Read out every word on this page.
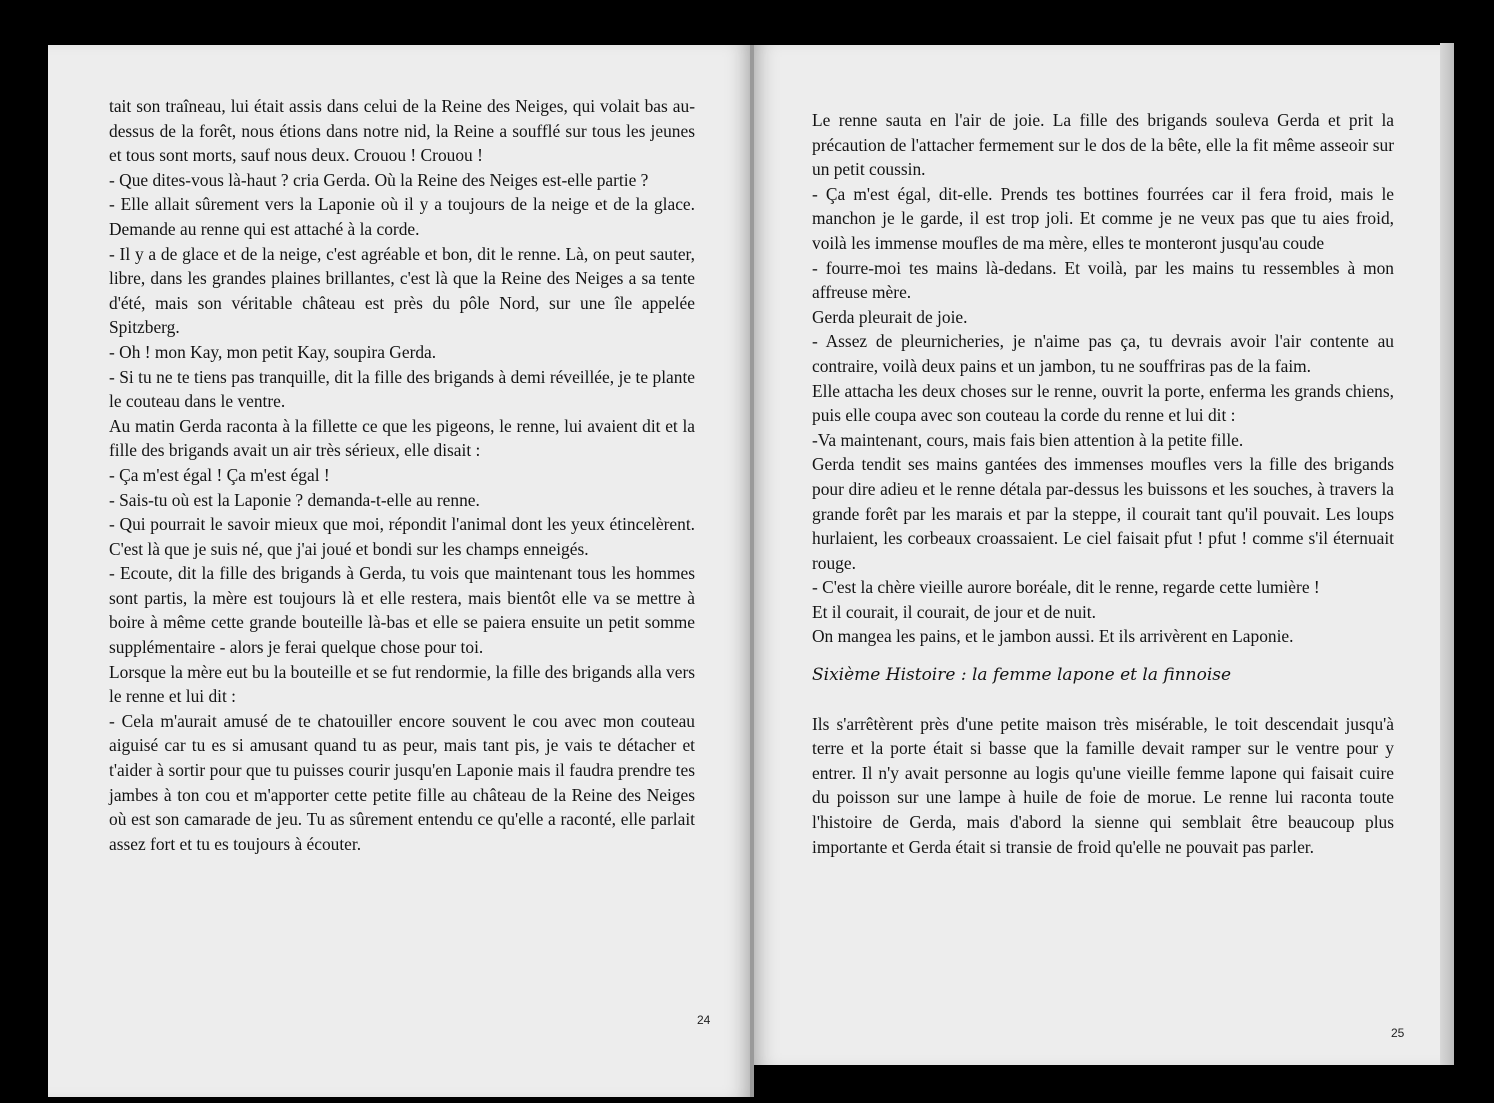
tait son traîneau, lui était assis dans celui de la Reine des Neiges, qui volait bas au-dessus de la forêt, nous étions dans notre nid, la Reine a soufflé sur tous les jeunes et tous sont morts, sauf nous deux. Crouou ! Crouou !

- Que dites-vous là-haut ? cria Gerda. Où la Reine des Neiges est-elle partie ?

- Elle allait sûrement vers la Laponie où il y a toujours de la neige et de la glace. Demande au renne qui est attaché à la corde.

- Il y a de glace et de la neige, c'est agréable et bon, dit le renne. Là, on peut sauter, libre, dans les grandes plaines brillantes, c'est là que la Reine des Neiges a sa tente d'été, mais son véritable château est près du pôle Nord, sur une île appelée Spitzberg.

- Oh ! mon Kay, mon petit Kay, soupira Gerda.

- Si tu ne te tiens pas tranquille, dit la fille des brigands à demi réveillée, je te plante le couteau dans le ventre.

Au matin Gerda raconta à la fillette ce que les pigeons, le renne, lui avaient dit et la fille des brigands avait un air très sérieux, elle disait :

- Ça m'est égal ! Ça m'est égal !

- Sais-tu où est la Laponie ? demanda-t-elle au renne.

- Qui pourrait le savoir mieux que moi, répondit l'animal dont les yeux étincelèrent. C'est là que je suis né, que j'ai joué et bondi sur les champs enneigés.

- Ecoute, dit la fille des brigands à Gerda, tu vois que maintenant tous les hommes sont partis, la mère est toujours là et elle restera, mais bientôt elle va se mettre à boire à même cette grande bouteille là-bas et elle se paiera ensuite un petit somme supplémentaire - alors je ferai quelque chose pour toi.

Lorsque la mère eut bu la bouteille et se fut rendormie, la fille des brigands alla vers le renne et lui dit :

- Cela m'aurait amusé de te chatouiller encore souvent le cou avec mon couteau aiguisé car tu es si amusant quand tu as peur, mais tant pis, je vais te détacher et t'aider à sortir pour que tu puisses courir jusqu'en Laponie mais il faudra prendre tes jambes à ton cou et m'apporter cette petite fille au château de la Reine des Neiges où est son camarade de jeu. Tu as sûrement entendu ce qu'elle a raconté, elle parlait assez fort et tu es toujours à écouter.

24

Le renne sauta en l'air de joie. La fille des brigands souleva Gerda et prit la précaution de l'attacher fermement sur le dos de la bête, elle la fit même asseoir sur un petit coussin.

- Ça m'est égal, dit-elle. Prends tes bottines fourrées car il fera froid, mais le manchon je le garde, il est trop joli. Et comme je ne veux pas que tu aies froid, voilà les immense moufles de ma mère, elles te monteront jusqu'au coude

- fourre-moi tes mains là-dedans. Et voilà, par les mains tu ressembles à mon affreuse mère.

Gerda pleurait de joie.

- Assez de pleurnicheries, je n'aime pas ça, tu devrais avoir l'air contente au contraire, voilà deux pains et un jambon, tu ne souffriras pas de la faim.

Elle attacha les deux choses sur le renne, ouvrit la porte, enferma les grands chiens, puis elle coupa avec son couteau la corde du renne et lui dit :

-Va maintenant, cours, mais fais bien attention à la petite fille.

Gerda tendit ses mains gantées des immenses moufles vers la fille des brigands pour dire adieu et le renne détala par-dessus les buissons et les souches, à travers la grande forêt par les marais et par la steppe, il courait tant qu'il pouvait. Les loups hurlaient, les corbeaux croassaient. Le ciel faisait pfut ! pfut ! comme s'il éternuait rouge.

- C'est la chère vieille aurore boréale, dit le renne, regarde cette lumière !

Et il courait, il courait, de jour et de nuit.

On mangea les pains, et le jambon aussi. Et ils arrivèrent en Laponie.

Sixième Histoire : la femme lapone et la finnoise

Ils s'arrêtèrent près d'une petite maison très misérable, le toit descendait jusqu'à terre et la porte était si basse que la famille devait ramper sur le ventre pour y entrer. Il n'y avait personne au logis qu'une vieille femme lapone qui faisait cuire du poisson sur une lampe à huile de foie de morue. Le renne lui raconta toute l'histoire de Gerda, mais d'abord la sienne qui semblait être beaucoup plus importante et Gerda était si transie de froid qu'elle ne pouvait pas parler.

25
